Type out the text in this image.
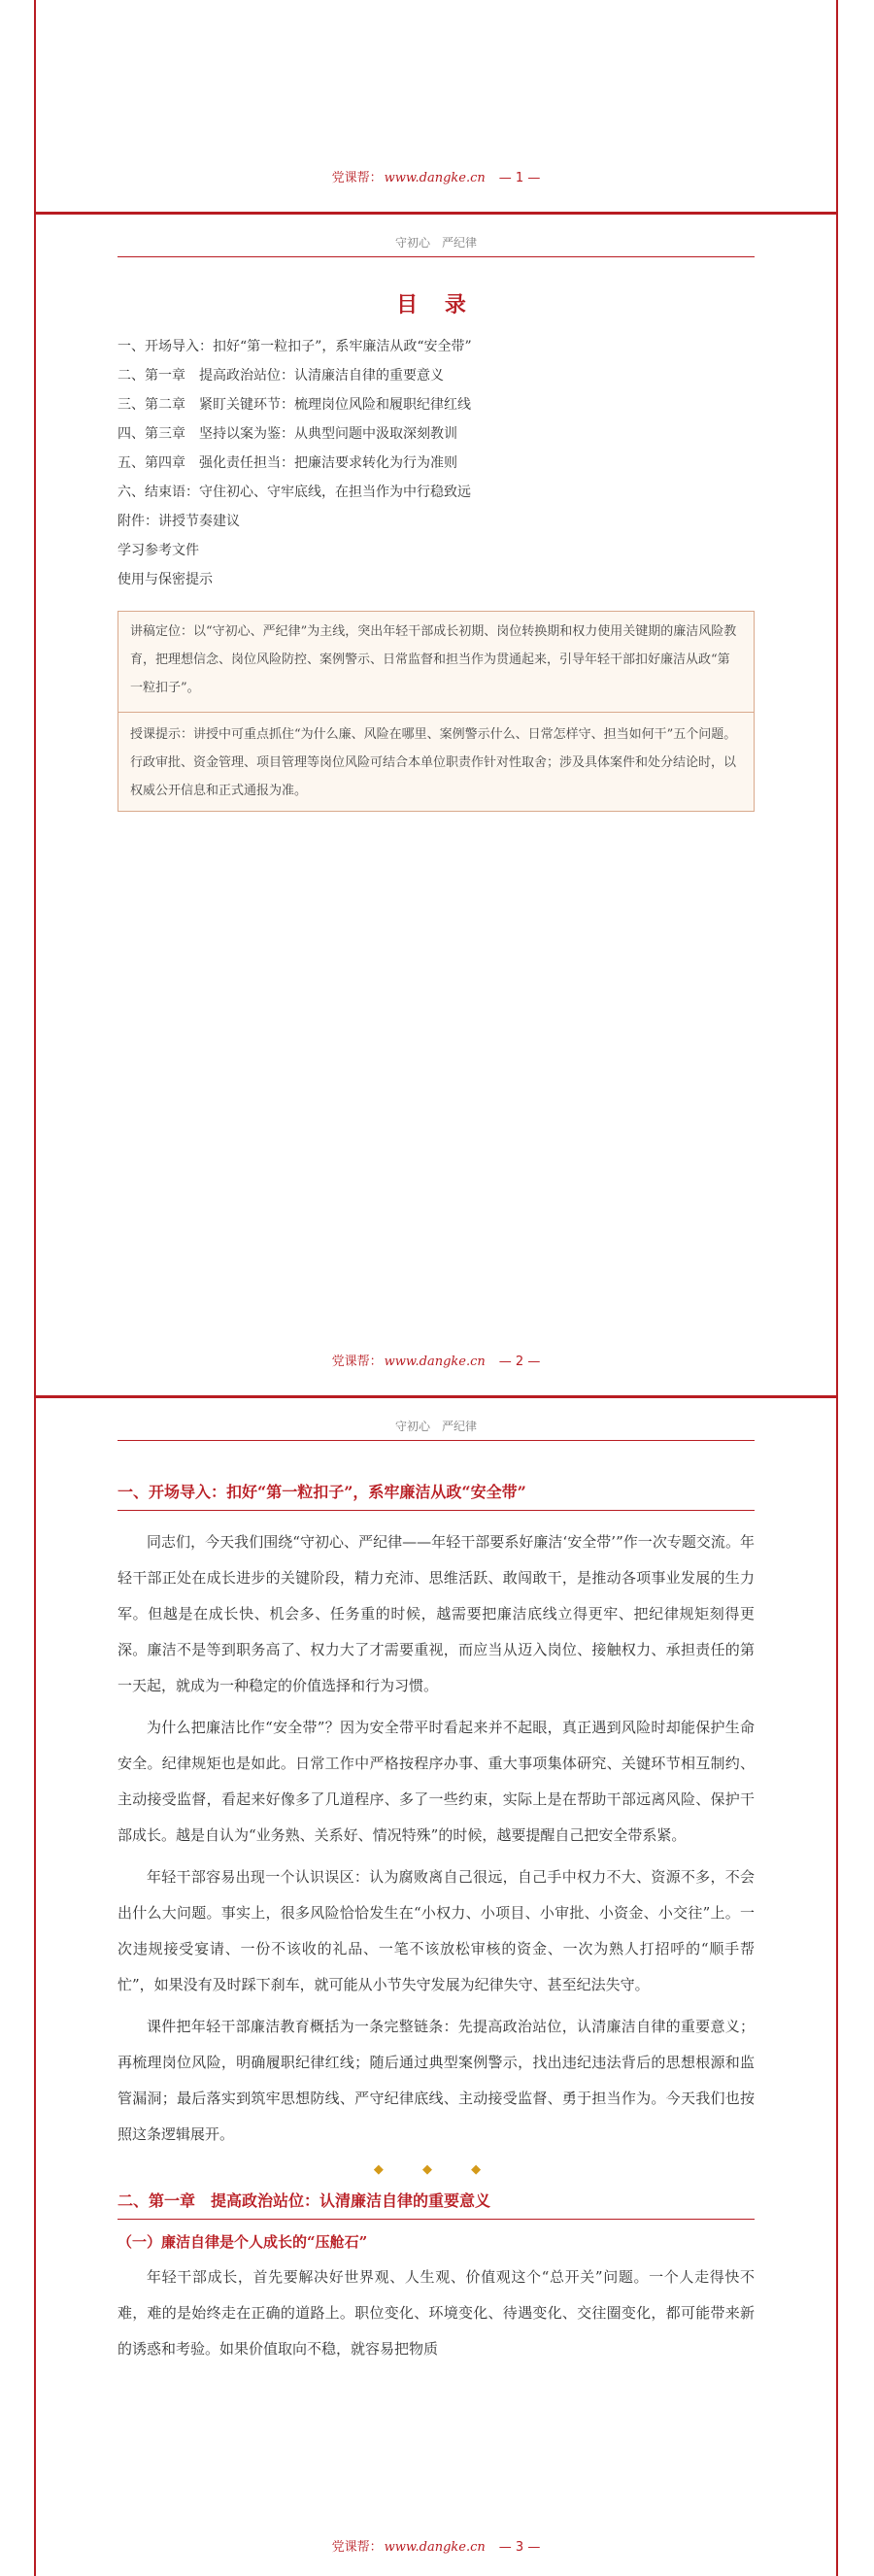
党课帮： www.dangke.cn — 1 —
守初心　严纪律
目 录
一、开场导入：扣好“第一粒扣子”，系牢廉洁从政“安全带”
二、第一章　提高政治站位：认清廉洁自律的重要意义
三、第二章　紧盯关键环节：梳理岗位风险和履职纪律红线
四、第三章　坚持以案为鉴：从典型问题中汲取深刻教训
五、第四章　强化责任担当：把廉洁要求转化为行为准则
六、结束语：守住初心、守牢底线，在担当作为中行稳致远
附件：讲授节奏建议
学习参考文件
使用与保密提示
讲稿定位：以“守初心、严纪律”为主线，突出年轻干部成长初期、岗位转换期和权力使用关键期的廉洁风险教育，把理想信念、岗位风险防控、案例警示、日常监督和担当作为贯通起来，引导年轻干部扣好廉洁从政“第一粒扣子”。
授课提示：讲授中可重点抓住“为什么廉、风险在哪里、案例警示什么、日常怎样守、担当如何干”五个问题。行政审批、资金管理、项目管理等岗位风险可结合本单位职责作针对性取舍；涉及具体案件和处分结论时，以权威公开信息和正式通报为准。
党课帮： www.dangke.cn — 2 —
守初心　严纪律
一、开场导入：扣好“第一粒扣子”，系牢廉洁从政“安全带”

同志们，今天我们围绕“守初心、严纪律——年轻干部要系好廉洁‘安全带’”作一次专题交流。年轻干部正处在成长进步的关键阶段，精力充沛、思维活跃、敢闯敢干，是推动各项事业发展的生力军。但越是在成长快、机会多、任务重的时候，越需要把廉洁底线立得更牢、把纪律规矩刻得更深。廉洁不是等到职务高了、权力大了才需要重视，而应当从迈入岗位、接触权力、承担责任的第一天起，就成为一种稳定的价值选择和行为习惯。

为什么把廉洁比作“安全带”？因为安全带平时看起来并不起眼，真正遇到风险时却能保护生命安全。纪律规矩也是如此。日常工作中严格按程序办事、重大事项集体研究、关键环节相互制约、主动接受监督，看起来好像多了几道程序、多了一些约束，实际上是在帮助干部远离风险、保护干部成长。越是自认为“业务熟、关系好、情况特殊”的时候，越要提醒自己把安全带系紧。

年轻干部容易出现一个认识误区：认为腐败离自己很远，自己手中权力不大、资源不多，不会出什么大问题。事实上，很多风险恰恰发生在“小权力、小项目、小审批、小资金、小交往”上。一次违规接受宴请、一份不该收的礼品、一笔不该放松审核的资金、一次为熟人打招呼的“顺手帮忙”，如果没有及时踩下刹车，就可能从小节失守发展为纪律失守、甚至纪法失守。

课件把年轻干部廉洁教育概括为一条完整链条：先提高政治站位，认清廉洁自律的重要意义；再梳理岗位风险，明确履职纪律红线；随后通过典型案例警示，找出违纪违法背后的思想根源和监管漏洞；最后落实到筑牢思想防线、严守纪律底线、主动接受监督、勇于担当作为。今天我们也按照这条逻辑展开。

◆ ◆ ◆
二、第一章　提高政治站位：认清廉洁自律的重要意义
（一）廉洁自律是个人成长的“压舱石”

年轻干部成长，首先要解决好世界观、人生观、价值观这个“总开关”问题。一个人走得快不难，难的是始终走在正确的道路上。职位变化、环境变化、待遇变化、交往圈变化，都可能带来新的诱惑和考验。如果价值取向不稳，就容易把物质

党课帮： www.dangke.cn — 3 —
